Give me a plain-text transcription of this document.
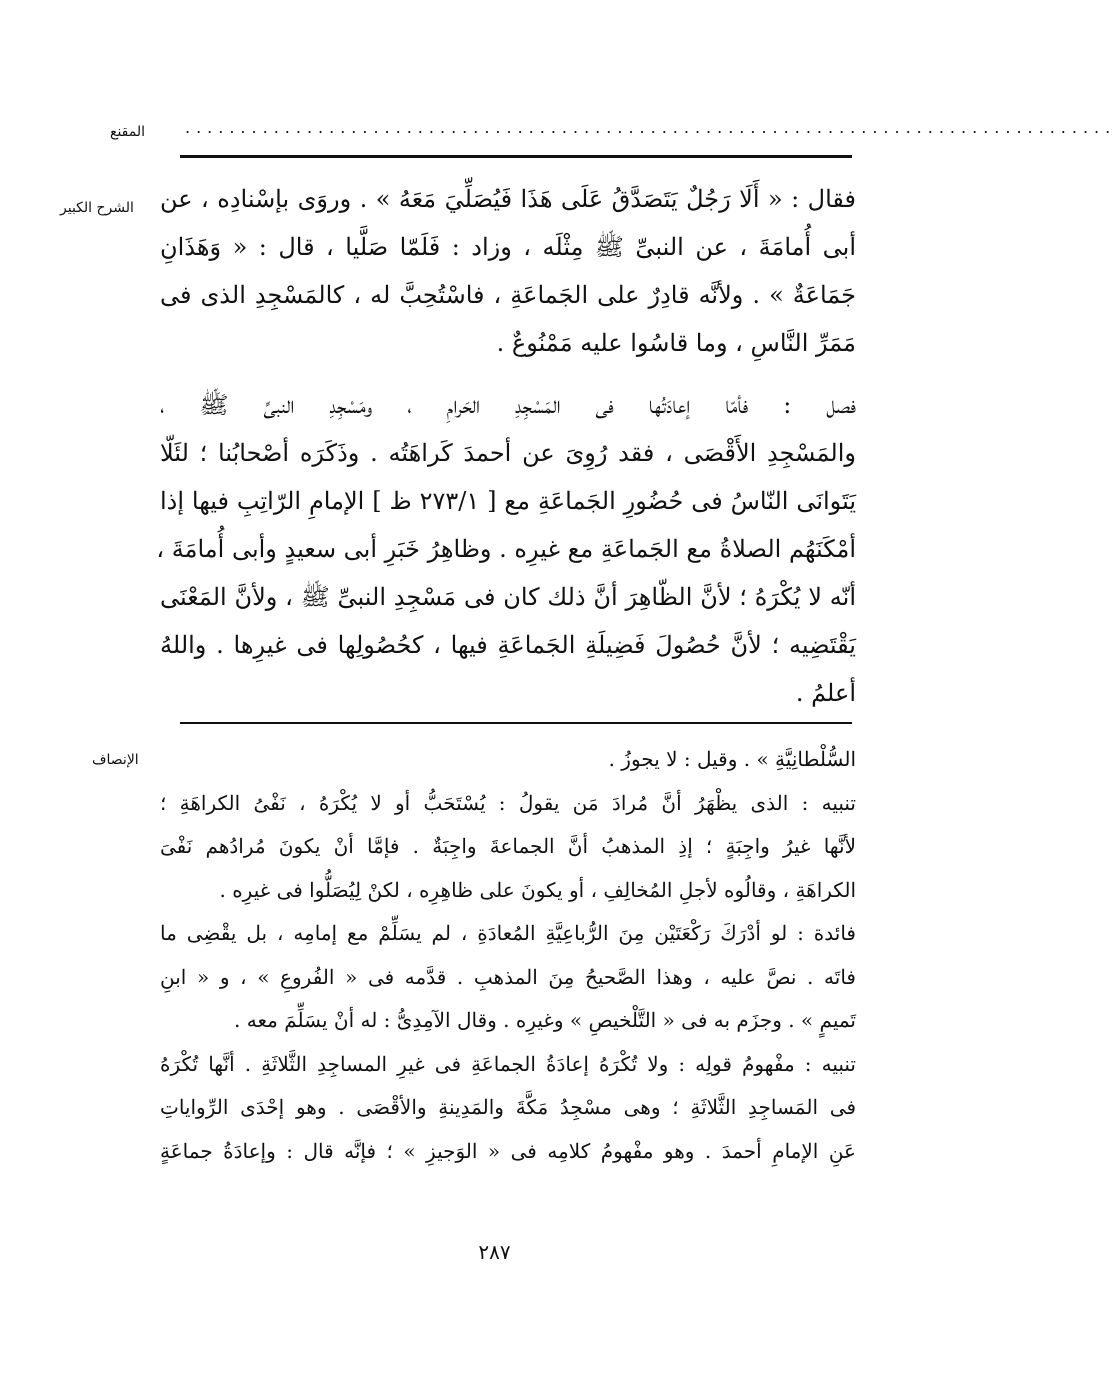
المقنع ....................................................................................
الشرح الكبير فقال : « أَلَا رَجُلٌ يَتَصَدَّقُ عَلَى هَذَا فَيُصَلِّيَ مَعَهُ » . وروَى بإسْنادِه ، عن
أبى أُمامَةَ ، عن النبىِّ ﷺ مِثْلَه ، وزاد : فَلَمّا صَلَّيا ، قال : « وَهَذَانِ
جَمَاعَةٌ » . ولأنَّه قادِرٌ على الجَماعَةِ ، فاسْتُحِبَّ له ، كالمَسْجِدِ الذى فى
مَمَرِّ النَّاسِ ، وما قاسُوا عليه مَمْنُوعٌ .
فصل : فأمّا إعادَتُها فى المَسْجِدِ الحَرامِ ، ومَسْجِدِ النبىِّ ﷺ ،
والمَسْجِدِ الأَقْصَى ، فقد رُوِىَ عن أحمدَ كَراهَتُه . وذَكَرَه أصْحابُنا ؛ لئَلّا
يَتَوانَى النّاسُ فى حُضُورِ الجَماعَةِ مع [ ٢٧٣/١ ظ ] الإمامِ الرّاتِبِ فيها إذا
أمْكَنَهُم الصلاةُ مع الجَماعَةِ مع غيرِه . وظاهِرُ خَبَرِ أبى سعيدٍ وأبى أُمامَةَ ،
أنّه لا يُكْرَهُ ؛ لأنَّ الظّاهِرَ أنَّ ذلك كان فى مَسْجِدِ النبىِّ ﷺ ، ولأنَّ المَعْنَى
يَقْتَضِيه ؛ لأنَّ حُصُولَ فَضِيلَةِ الجَماعَةِ فيها ، كحُصُولِها فى غيرِها . واللهُ
أعلمُ .
الإنصاف	السُّلْطانِيَّةِ » . وقيل : لا يجوزُ .
تنبيه : الذى يظْهَرُ أنَّ مُرادَ مَن يقولُ : يُسْتَحَبُّ أو لا يُكْرَهُ ، نَفْىُ الكراهَةِ ؛
لأنَّها غيرُ واجِبَةٍ ؛ إذِ المذهبُ أنَّ الجماعةَ واجِبَةٌ . فإمَّا أنْ يكونَ مُرادُهم نَفْىَ
الكراهَةِ ، وقالُوه لأجلِ المُخالِفِ ، أو يكونَ على ظاهِرِه ، لكنْ لِيُصَلُّوا فى غيرِه .
فائدة : لو أدْرَكَ رَكْعَتَيْن مِنَ الرُّباعِيَّةِ المُعادَةِ ، لم يسَلِّمْ مع إمامِه ، بل يقْضِى ما
فاتَه . نصَّ عليه ، وهذا الصَّحيحُ مِنَ المذهبِ . قدَّمه فى « الفُروعِ » ، و « ابنِ
تَميمٍ » . وجزَم به فى « التَّلْخيصِ » وغيرِه . وقال الآمِدِىُّ : له أنْ يسَلِّمَ معه .
تنبيه : مفْهومُ قولِه : ولا تُكْرَهُ إعادَةُ الجماعَةِ فى غيرِ المساجِدِ الثَّلاثَةِ . أنَّها تُكْرَهُ
فى المَساجِدِ الثَّلاثَةِ ؛ وهى مسْجِدُ مَكَّةَ والمَدِينةِ والأقْصَى . وهو إحْدَى الرِّواياتِ
عَنِ الإمامِ أحمدَ . وهو مفْهومُ كلامِه فى « الوَجيزِ » ؛ فإنَّه قال : وإعادَةُ جماعَةٍ
٢٨٧
